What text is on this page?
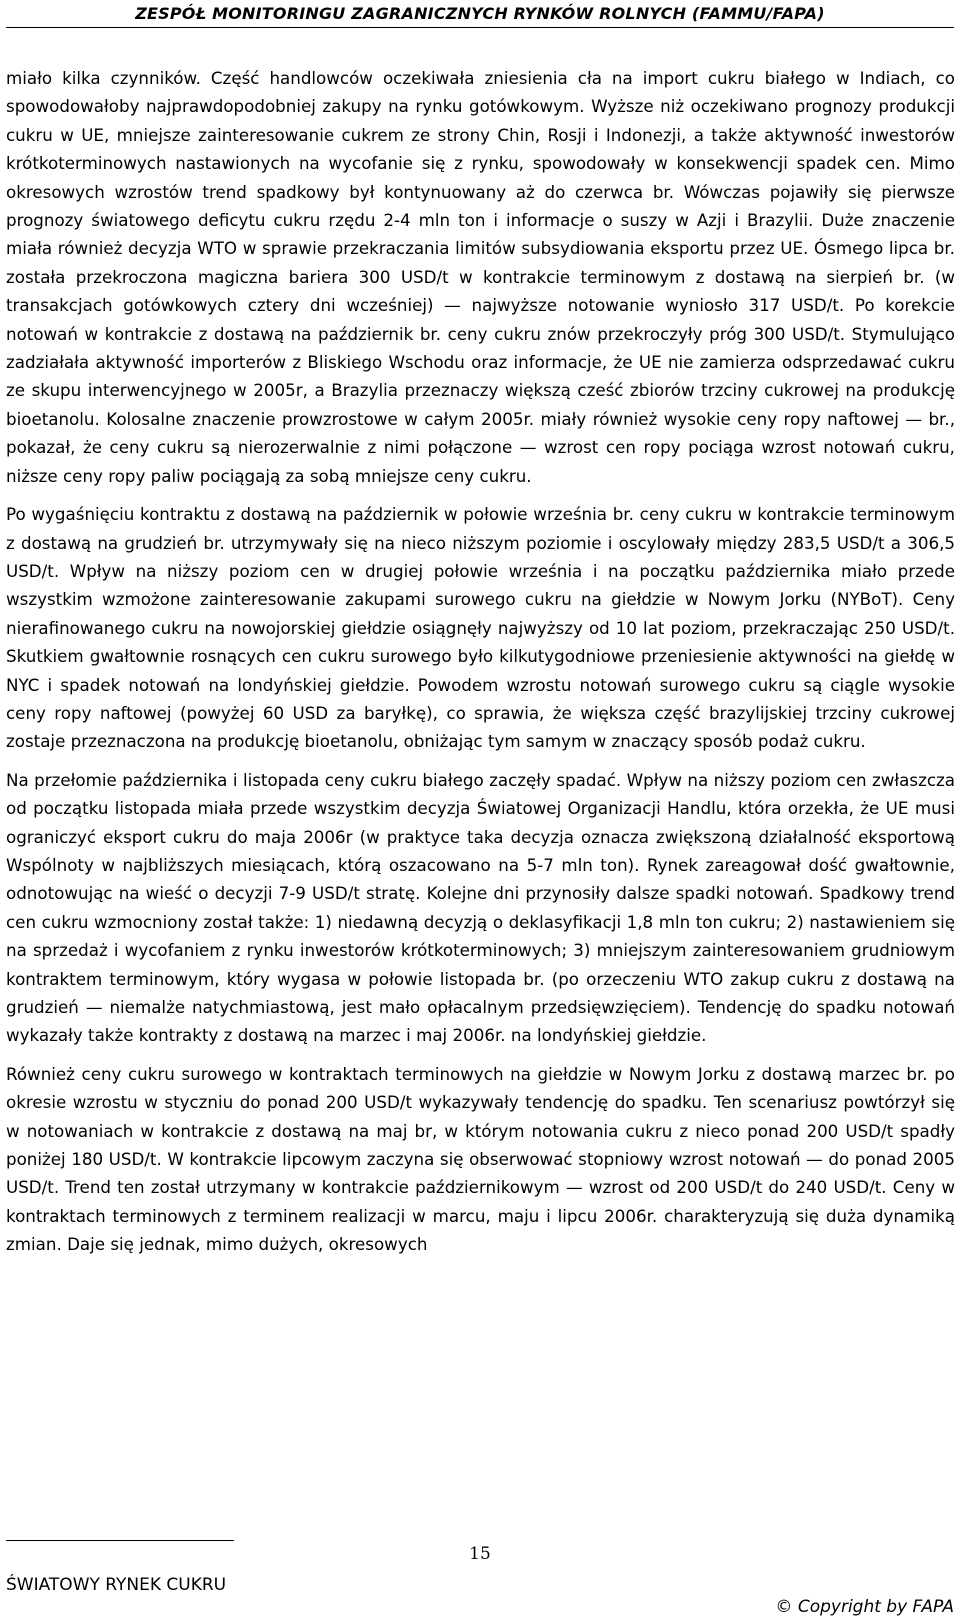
ZESPÓŁ MONITORINGU ZAGRANICZNYCH RYNKÓW ROLNYCH (FAMMU/FAPA)

miało kilka czynników. Część handlowców oczekiwała zniesienia cła na import cukru białego w Indiach, co spowodowałoby najprawdopodobniej zakupy na rynku gotówkowym. Wyższe niż oczekiwano prognozy produkcji cukru w UE, mniejsze zainteresowanie cukrem ze strony Chin, Rosji i Indonezji, a także aktywność inwestorów krótkoterminowych nastawionych na wycofanie się z rynku, spowodowały w konsekwencji spadek cen. Mimo okresowych wzrostów trend spadkowy był kontynuowany aż do czerwca br. Wówczas pojawiły się pierwsze prognozy światowego deficytu cukru rzędu 2-4 mln ton i informacje o suszy w Azji i Brazylii. Duże znaczenie miała również decyzja WTO w sprawie przekraczania limitów subsydiowania eksportu przez UE. Ósmego lipca br. została przekroczona magiczna bariera 300 USD/t w kontrakcie terminowym z dostawą na sierpień br. (w transakcjach gotówkowych cztery dni wcześniej) — najwyższe notowanie wyniosło 317 USD/t. Po korekcie notowań w kontrakcie z dostawą na październik br. ceny cukru znów przekroczyły próg 300 USD/t. Stymulująco zadziałała aktywność importerów z Bliskiego Wschodu oraz informacje, że UE nie zamierza odsprzedawać cukru ze skupu interwencyjnego w 2005r, a Brazylia przeznaczy większą cześć zbiorów trzciny cukrowej na produkcję bioetanolu. Kolosalne znaczenie prowzrostowe w całym 2005r. miały również wysokie ceny ropy naftowej — br., pokazał, że ceny cukru są nierozerwalnie z nimi połączone — wzrost cen ropy pociąga wzrost notowań cukru, niższe ceny ropy paliw pociągają za sobą mniejsze ceny cukru.

Po wygaśnięciu kontraktu z dostawą na październik w połowie września br. ceny cukru w kontrakcie terminowym z dostawą na grudzień br. utrzymywały się na nieco niższym poziomie i oscylowały między 283,5 USD/t a 306,5 USD/t. Wpływ na niższy poziom cen w drugiej połowie września i na początku października miało przede wszystkim wzmożone zainteresowanie zakupami surowego cukru na giełdzie w Nowym Jorku (NYBoT). Ceny nierafinowanego cukru na nowojorskiej giełdzie osiągnęły najwyższy od 10 lat poziom, przekraczając 250 USD/t. Skutkiem gwałtownie rosnących cen cukru surowego było kilkutygodniowe przeniesienie aktywności na giełdę w NYC i spadek notowań na londyńskiej giełdzie. Powodem wzrostu notowań surowego cukru są ciągle wysokie ceny ropy naftowej (powyżej 60 USD za baryłkę), co sprawia, że większa część brazylijskiej trzciny cukrowej zostaje przeznaczona na produkcję bioetanolu, obniżając tym samym w znaczący sposób podaż cukru.

Na przełomie października i listopada ceny cukru białego zaczęły spadać. Wpływ na niższy poziom cen zwłaszcza od początku listopada miała przede wszystkim decyzja Światowej Organizacji Handlu, która orzekła, że UE musi ograniczyć eksport cukru do maja 2006r (w praktyce taka decyzja oznacza zwiększoną działalność eksportową Wspólnoty w najbliższych miesiącach, którą oszacowano na 5-7 mln ton). Rynek zareagował dość gwałtownie, odnotowując na wieść o decyzji 7-9 USD/t stratę. Kolejne dni przynosiły dalsze spadki notowań. Spadkowy trend cen cukru wzmocniony został także: 1) niedawną decyzją o deklasyfikacji 1,8 mln ton cukru; 2) nastawieniem się na sprzedaż i wycofaniem z rynku inwestorów krótkoterminowych; 3) mniejszym zainteresowaniem grudniowym kontraktem terminowym, który wygasa w połowie listopada br. (po orzeczeniu WTO zakup cukru z dostawą na grudzień — niemalże natychmiastową, jest mało opłacalnym przedsięwzięciem). Tendencję do spadku notowań wykazały także kontrakty z dostawą na marzec i maj 2006r. na londyńskiej giełdzie.

Również ceny cukru surowego w kontraktach terminowych na giełdzie w Nowym Jorku z dostawą marzec br. po okresie wzrostu w styczniu do ponad 200 USD/t wykazywały tendencję do spadku. Ten scenariusz powtórzył się w notowaniach w kontrakcie z dostawą na maj br, w którym notowania cukru z nieco ponad 200 USD/t spadły poniżej 180 USD/t. W kontrakcie lipcowym zaczyna się obserwować stopniowy wzrost notowań — do ponad 2005 USD/t. Trend ten został utrzymany w kontrakcie październikowym — wzrost od 200 USD/t do 240 USD/t. Ceny w kontraktach terminowych z terminem realizacji w marcu, maju i lipcu 2006r. charakteryzują się duża dynamiką zmian. Daje się jednak, mimo dużych, okresowych

15
ŚWIATOWY RYNEK CUKRU
© Copyright by FAPA
